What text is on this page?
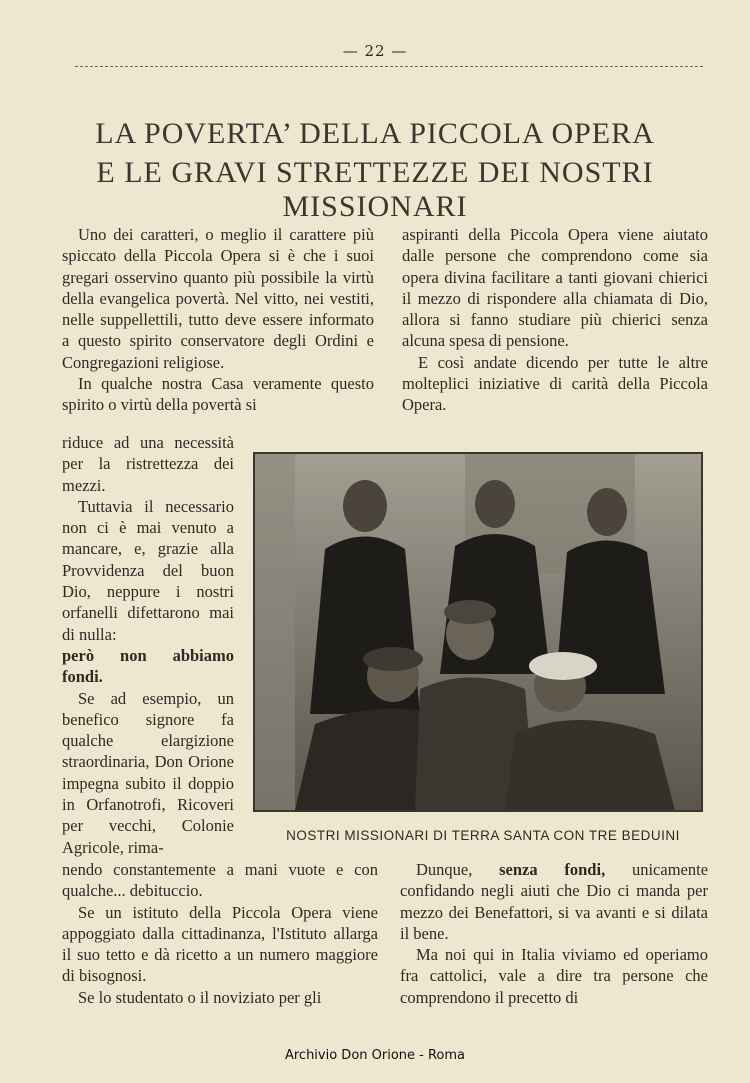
— 22 —
LA POVERTA’ DELLA PICCOLA OPERA
E LE GRAVI STRETTEZZE DEI NOSTRI MISSIONARI

Uno dei caratteri, o meglio il carattere più spiccato della Piccola Opera si è che i suoi gregari osservino quanto più possibile la virtù della evangelica povertà. Nel vitto, nei vestiti, nelle suppellettili, tutto deve essere informato a questo spirito conservatore degli Ordini e Congregazioni religiose.

In qualche nostra Casa veramente questo spirito o virtù della povertà si

riduce ad una necessità per la ristrettezza dei mezzi.

Tuttavia il necessario non ci è mai venuto a mancare, e, grazie alla Provvidenza del buon Dio, neppure i nostri orfanelli difettarono mai di nulla:

però non abbiamo fondi.

Se ad esempio, un benefico signore fa qualche elargizione straordinaria, Don Orione impegna subito il doppio in Orfanotrofi, Ricoveri per vecchi, Colonie Agricole, rima-

aspiranti della Piccola Opera viene aiutato dalle persone che comprendono come sia opera divina facilitare a tanti giovani chierici il mezzo di rispondere alla chiamata di Dio, allora si fanno studiare più chierici senza alcuna spesa di pensione.

E così andate dicendo per tutte le altre molteplici iniziative di carità della Piccola Opera.

NOSTRI MISSIONARI DI TERRA SANTA CON TRE BEDUINI

nendo constantemente a mani vuote e con qualche... debituccio.

Se un istituto della Piccola Opera viene appoggiato dalla cittadinanza, l'Istituto allarga il suo tetto e dà ricetto a un numero maggiore di bisognosi.

Se lo studentato o il noviziato per gli

Dunque, senza fondi, unicamente confidando negli aiuti che Dio ci manda per mezzo dei Benefattori, si va avanti e si dilata il bene.

Ma noi qui in Italia viviamo ed operiamo fra cattolici, vale a dire tra persone che comprendono il precetto di

Archivio Don Orione - Roma
